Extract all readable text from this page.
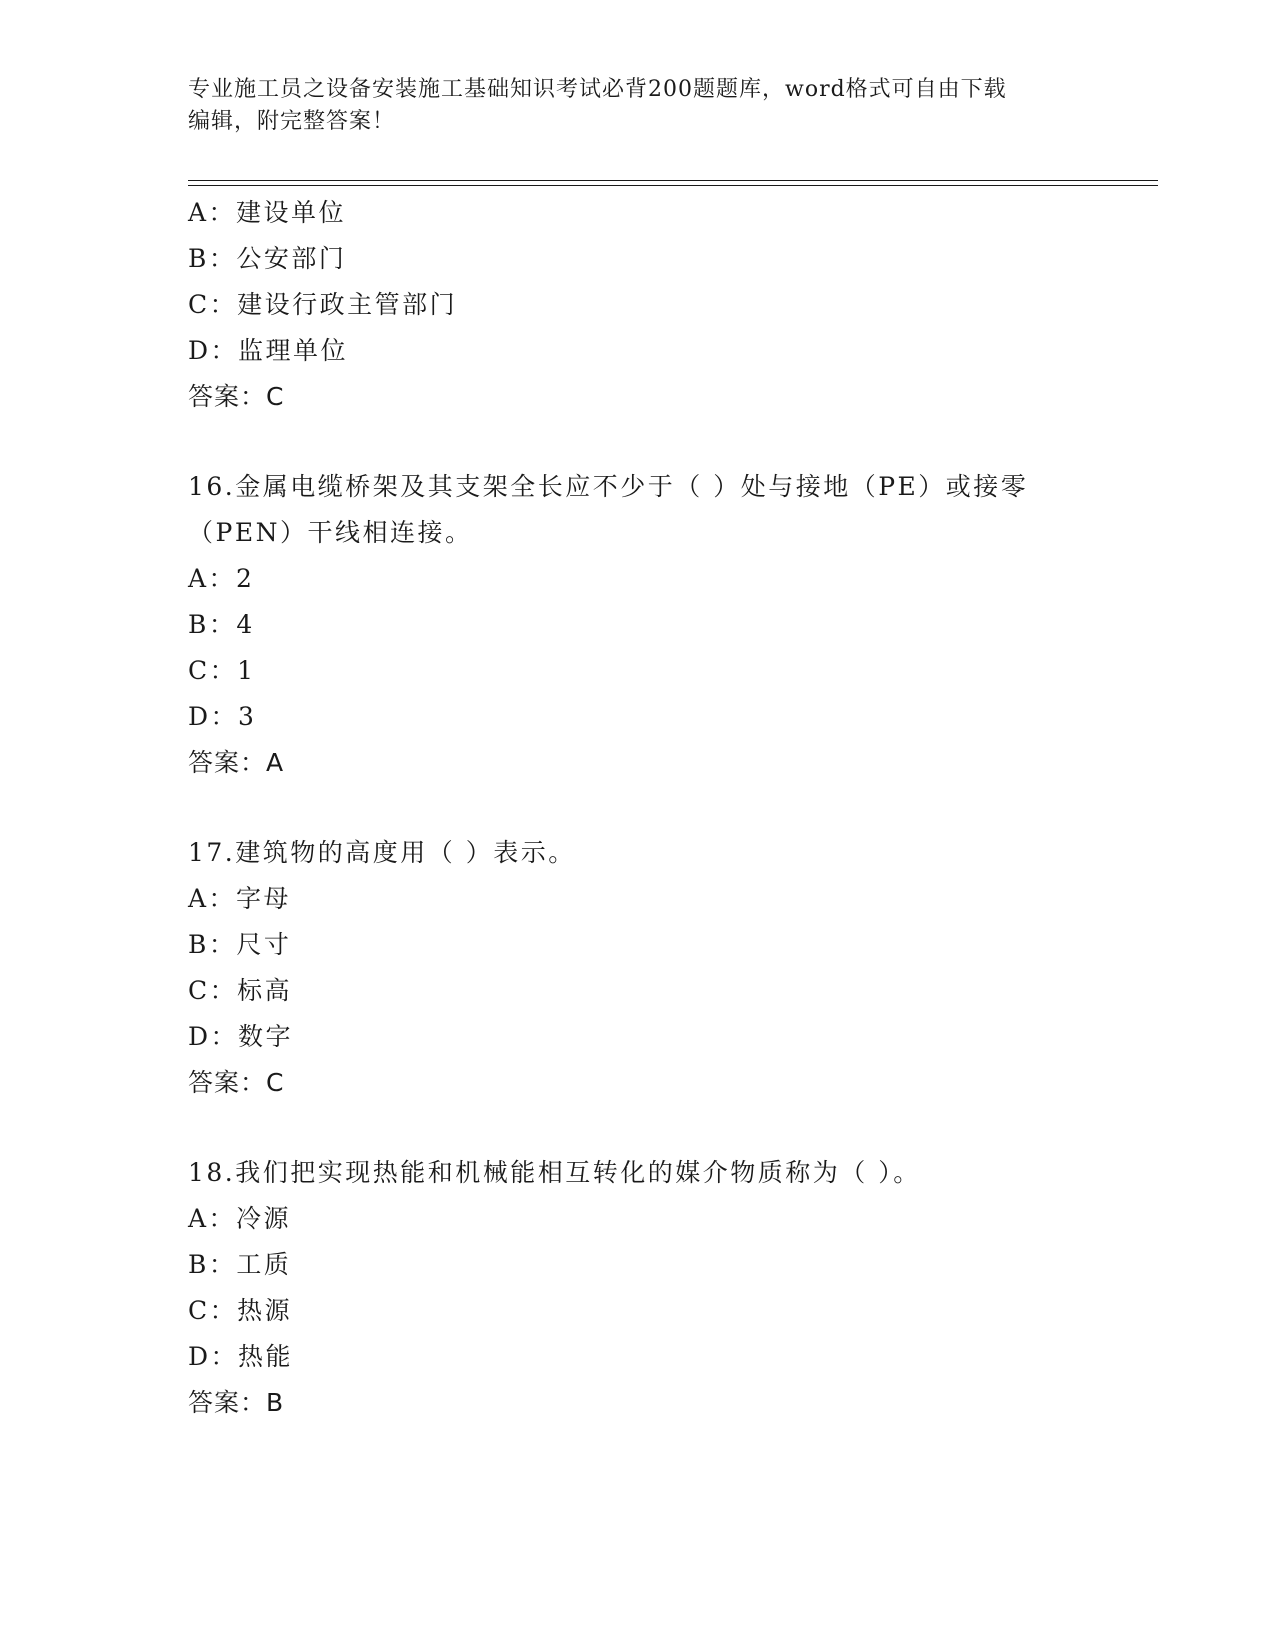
专业施工员之设备安装施工基础知识考试必背200题题库，word格式可自由下载
编辑，附完整答案！
A：建设单位
B：公安部门
C：建设行政主管部门
D：监理单位
答案：C
16.金属电缆桥架及其支架全长应不少于（ ）处与接地（PE）或接零
（PEN）干线相连接。
A：2
B：4
C：1
D：3
答案：A
17.建筑物的高度用（ ）表示。
A：字母
B：尺寸
C：标高
D：数字
答案：C
18.我们把实现热能和机械能相互转化的媒介物质称为（ ）。
A：冷源
B：工质
C：热源
D：热能
答案：B
